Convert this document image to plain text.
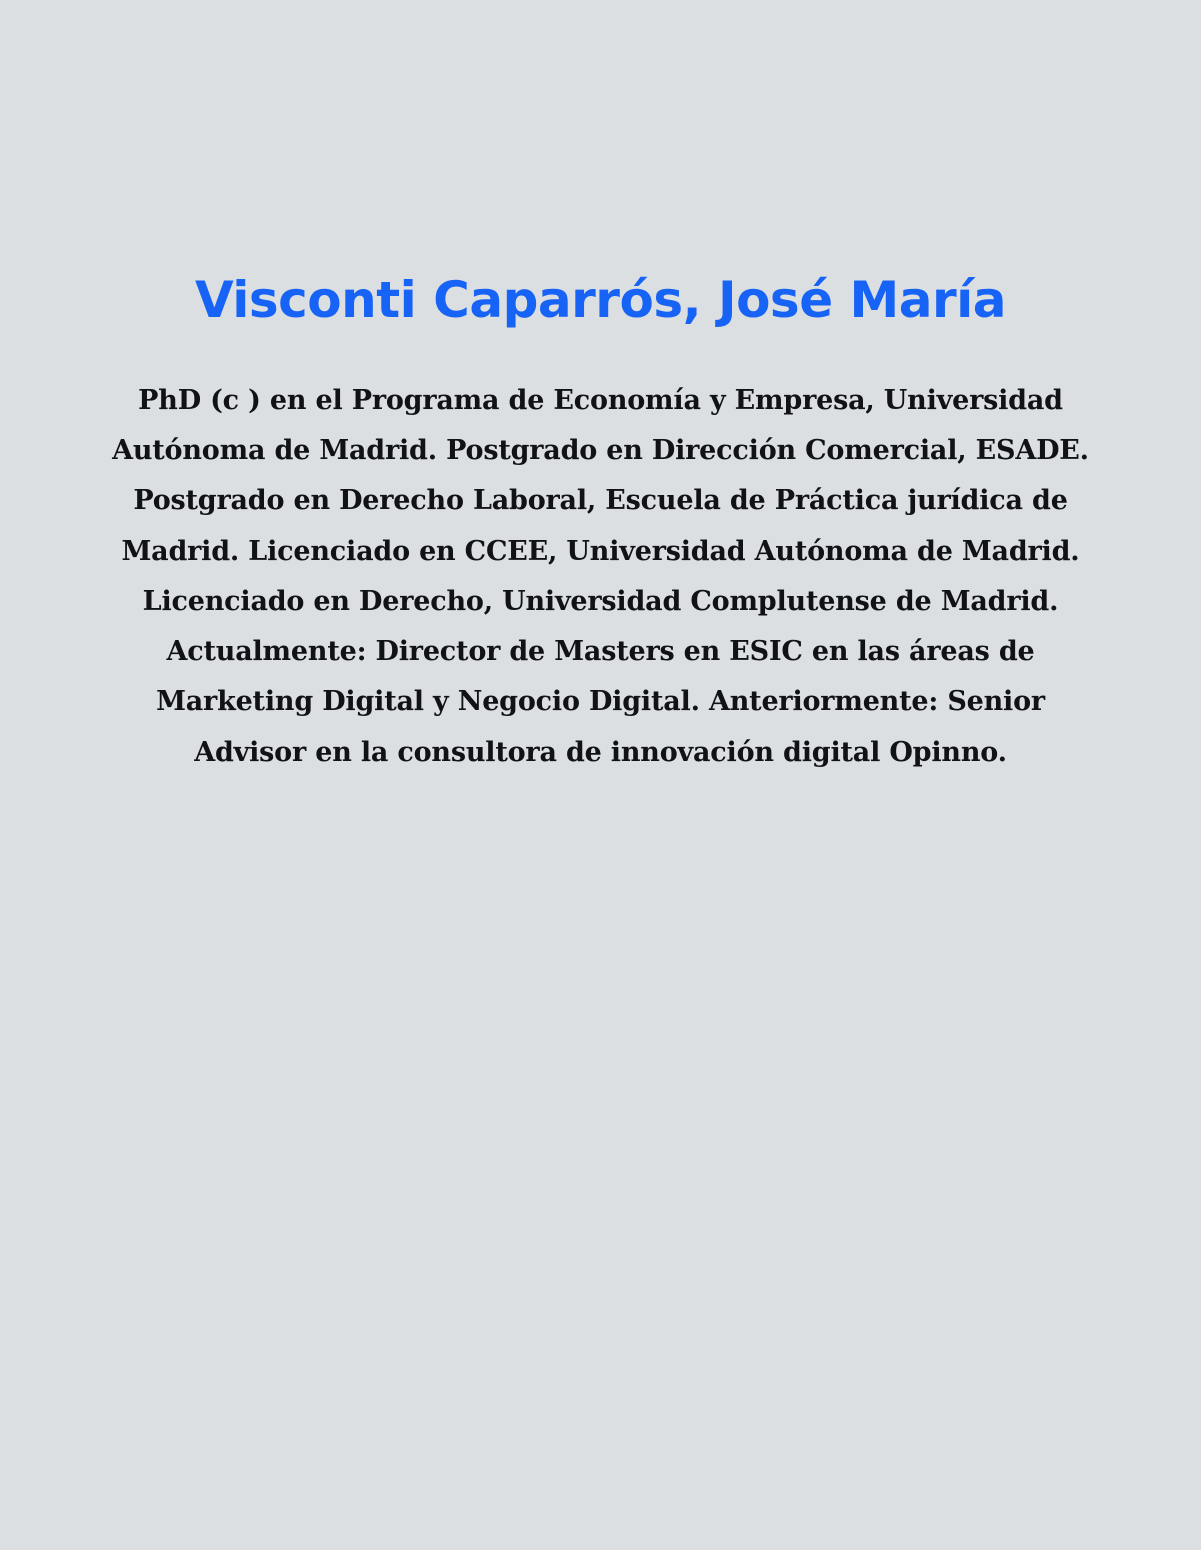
Visconti Caparrós, José María

PhD (c ) en el Programa de Economía y Empresa, Universidad Autónoma de Madrid. Postgrado en Dirección Comercial, ESADE. Postgrado en Derecho Laboral, Escuela de Práctica jurídica de Madrid. Licenciado en CCEE, Universidad Autónoma de Madrid. Licenciado en Derecho, Universidad Complutense de Madrid.

Actualmente: Director de Masters en ESIC en las áreas de Marketing Digital y Negocio Digital. Anteriormente: Senior Advisor en la consultora de innovación digital Opinno.
